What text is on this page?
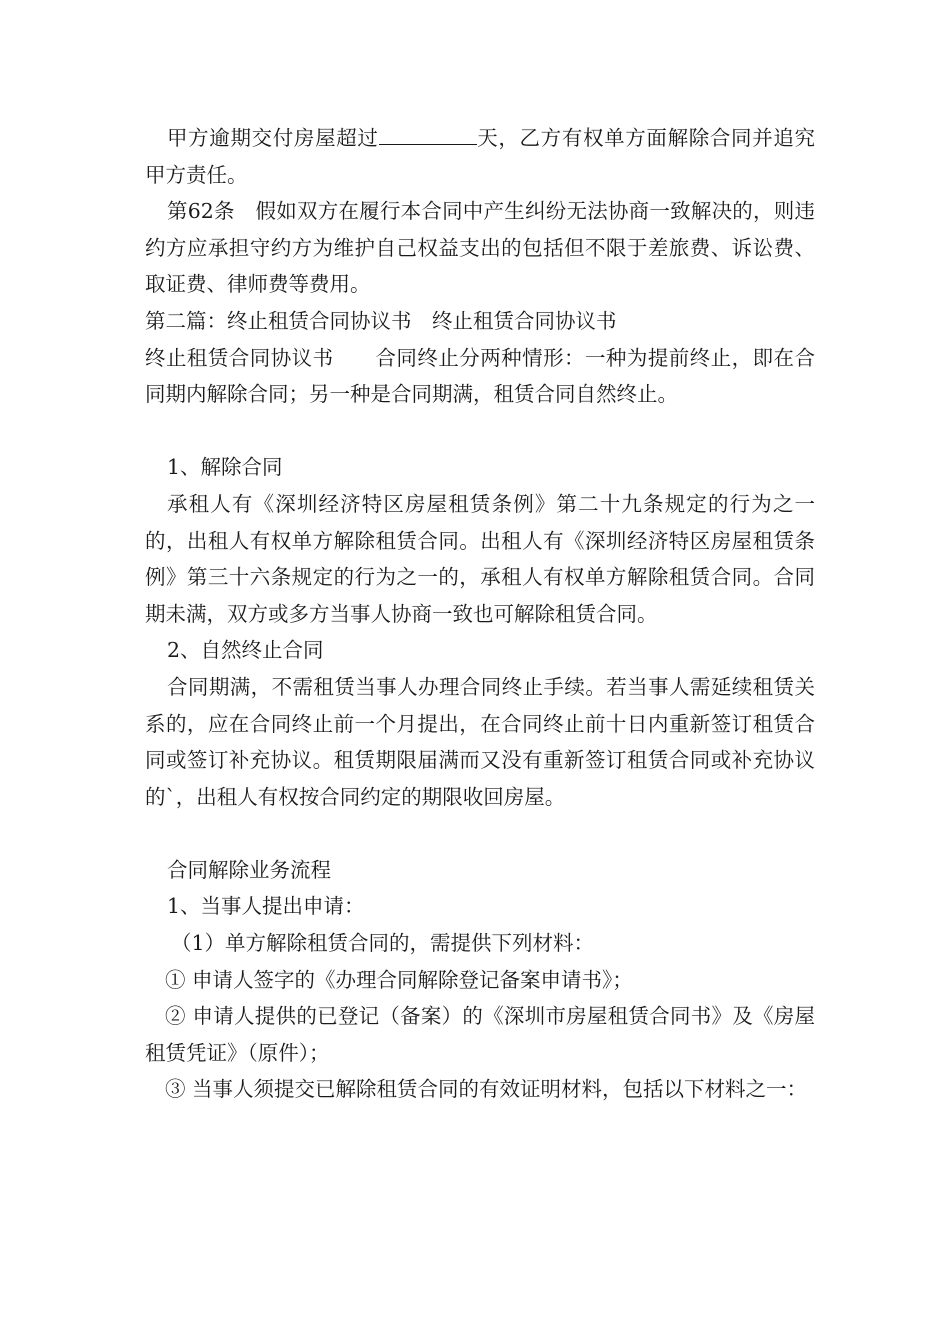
甲方逾期交付房屋超过	天，乙方有权单方面解除合同并追究甲方责任。

第62条　假如双方在履行本合同中产生纠纷无法协商一致解决的，则违约方应承担守约方为维护自己权益支出的包括但不限于差旅费、诉讼费、取证费、律师费等费用。

第二篇：终止租赁合同协议书　终止租赁合同协议书

终止租赁合同协议书　　合同终止分两种情形：一种为提前终止，即在合同期内解除合同；另一种是合同期满，租赁合同自然终止。

1、解除合同

承租人有《深圳经济特区房屋租赁条例》第二十九条规定的行为之一的，出租人有权单方解除租赁合同。出租人有《深圳经济特区房屋租赁条例》第三十六条规定的行为之一的，承租人有权单方解除租赁合同。合同期未满，双方或多方当事人协商一致也可解除租赁合同。

2、自然终止合同

合同期满，不需租赁当事人办理合同终止手续。若当事人需延续租赁关系的，应在合同终止前一个月提出，在合同终止前十日内重新签订租赁合同或签订补充协议。租赁期限届满而又没有重新签订租赁合同或补充协议的`，出租人有权按合同约定的期限收回房屋。

合同解除业务流程

1、当事人提出申请：

（1）单方解除租赁合同的，需提供下列材料：

① 申请人签字的《办理合同解除登记备案申请书》；

② 申请人提供的已登记（备案）的《深圳市房屋租赁合同书》及《房屋租赁凭证》（原件）；

③ 当事人须提交已解除租赁合同的有效证明材料，包括以下材料之一：
